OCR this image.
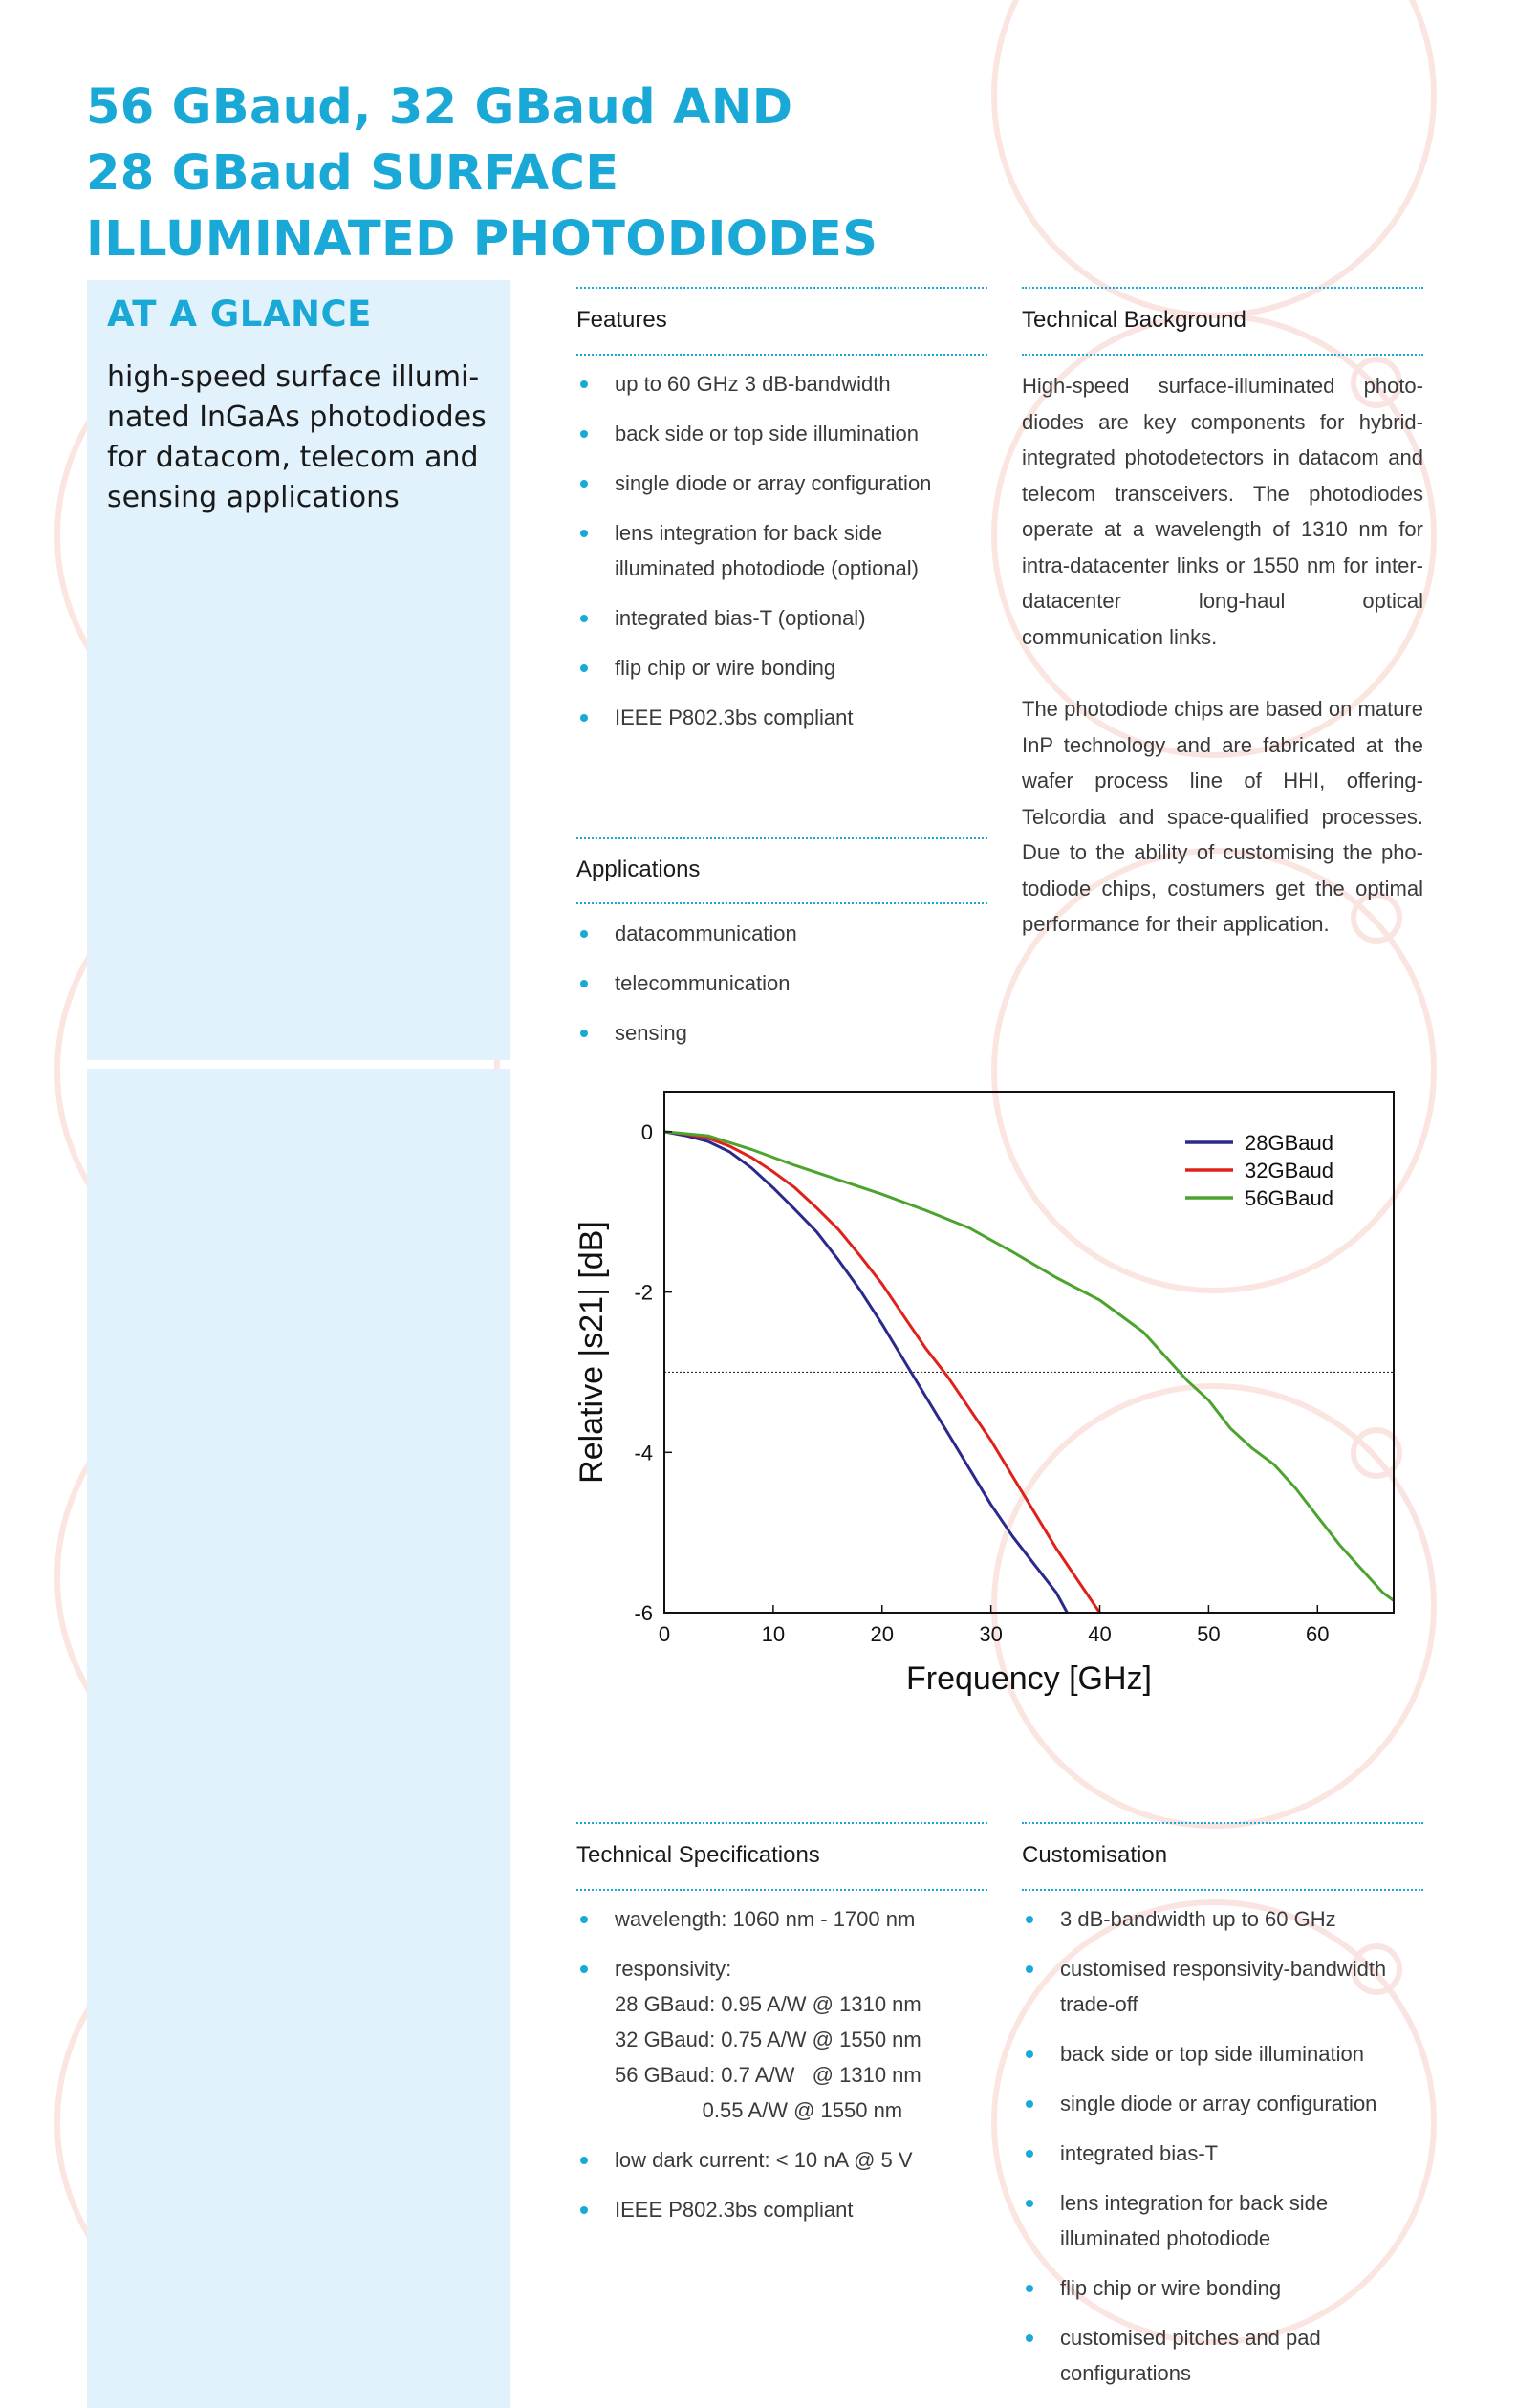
56 GBaud, 32 GBaud AND
28 GBaud SURFACE
ILLUMINATED PHOTODIODES
AT A GLANCE

high-speed surface illumi-
nated InGaAs photodiodes
for datacom, telecom and
sensing applications

Features
up to 60 GHz 3 dB-bandwidth
back side or top side illumination
single diode or array configuration
lens integration for back side
illuminated photodiode (optional)
integrated bias-T (optional)
flip chip or wire bonding
IEEE P802.3bs compliant
Applications
datacommunication
telecommunication
sensing
Technical Background

High-speed surface-illuminated photo-diodes are key components for hybrid-integrated photodetectors in datacom and telecom transceivers. The photodiodes operate at a wavelength of 1310 nm for intra-datacenter links or 1550 nm for inter-datacenter long-haul optical communication links.

The photodiode chips are based on mature InP technology and are fabricated at the wafer process line of HHI, offering-Telcordia and space-qualified processes. Due to the ability of customising the pho-todiode chips, costumers get the optimal performance for their application.

0	10	20	30	40	50	60
0
-2
-4
-6
Frequency [GHz]
Relative |s21| [dB]
28GBaud
32GBaud
56GBaud
Technical Specifications
wavelength: 1060 nm - 1700 nm
responsivity:
28 GBaud: 0.95 A/W @ 1310 nm
32 GBaud: 0.75 A/W @ 1550 nm
56 GBaud: 0.7 A/W   @ 1310 nm
0.55 A/W @ 1550 nm
low dark current: < 10 nA @ 5 V
IEEE P802.3bs compliant
Customisation
3 dB-bandwidth up to 60 GHz
customised responsivity-bandwidth
trade-off
back side or top side illumination
single diode or array configuration
integrated bias-T
lens integration for back side
illuminated photodiode
flip chip or wire bonding
customised pitches and pad
configurations
